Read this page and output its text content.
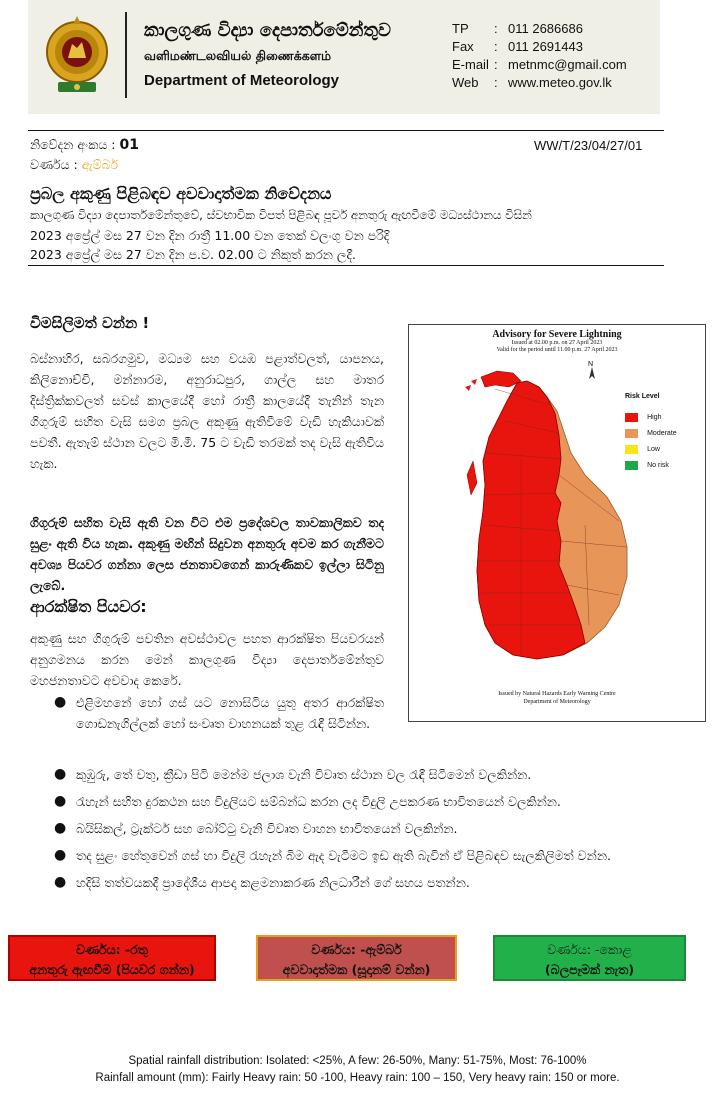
කාලගුණ විද්‍යා දෙපාර්තමේන්තුව
வளிமண்டலவியல் திணைக்களம்
Department of Meteorology
TP : 011 2686686
Fax : 011 2691443
E-mail : metnmc@gmail.com
Web : www.meteo.gov.lk
නිවේදන අංකය : 01	WW/T/23/04/27/01
වර්ණය : ඇම්බර්
ප්‍රබල අකුණු පිළිබඳව අවවාදාත්මක නිවේදනය
කාලගුණ විද්‍යා දෙපාර්තමේන්තුවේ, ස්වභාවික විපත් පිළිබඳ පූර්ව අනතුරු ඇඟවීමේ මධ්‍යස්ථානය විසින්
2023 අප්‍රේල් මස 27 වන දින රාත්‍රී 11.00 වන තෙක් වලංගු වන පරිදි
2023 අප්‍රේල් මස 27 වන දින ප.ව. 02.00 ට නිකුත් කරන ලදී.
විමසිලිමත් වන්න !
බස්නාහිර, සබරගමුව, මධ්‍යම සහ වයඹ පළාත්වලත්, යාපනය, කිලිනොච්චි, මන්නාරම, අනුරාධපුර, ගාල්ල සහ මාතර දිස්ත්‍රික්කවලත් සවස් කාලයේදී හෝ රාත්‍රී කාලයේදී තැනින් තැන ගිගුරුම් සහිත වැසි සමග ප්‍රබල අකුණු ඇතිවීමේ වැඩි හැකියාවක් පවතී. ඇතැම් ස්ථාන වලට මි.මී. 75 ට වැඩි තරමක් තද වැසි ඇතිවිය හැක.
ගිගුරුම් සහිත වැසි ඇති වන විට එම ප්‍රදේශවල තාවකාලිකව තද සුළං ඇති විය හැක. අකුණු මඟින් සිදුවන අනතුරු අවම කර ගැනීමට අවශ්‍ය පියවර ගන්නා ලෙස ජනතාවගෙන් කාරුණිකව ඉල්ලා සිටිනු ලැබේ.
ආරක්ෂිත පියවර:
අකුණු සහ ගිගුරුම් පවතින අවස්ථාවල පහත ආරක්ෂිත පියවරයන් අනුගමනය කරන මෙන් කාලගුණ විද්‍යා දෙපාර්තමේන්තුව මහජනතාවට අවවාද කෙරේ.
Advisory for Severe Lightning
Issued at 02.00 p.m. on 27 April 2023
Valid for the period until 11.00 p.m. 27 April 2023
N
Risk Level
High
Moderate
Low
No risk
Issued by Natural Hazards Early Warning Centre
Department of Meteorology
● එළිමහනේ හෝ ගස් යට නොසිටිය යුතු අතර ආරක්ෂිත ගොඩනැගිල්ලක් හෝ සංවෘත වාහනයක් තුළ රැඳී සිටින්න.
● කුඹුරු, තේ වතු, ක්‍රීඩා පිටි මෙන්ම ජලාශ වැනි විවෘත ස්ථාන වල රැඳී සිටීමෙන් වලකින්න.
● රැහැන් සහිත දුරකථන සහ විදුලියට සම්බන්ධ කරන ලද විදුලි උපකරණ භාවිතයෙන් වලකින්න.
● බයිසිකල්, ට්‍රැක්ටර් සහ බෝට්ටු වැනි විවෘත වාහන භාවිතයෙන් වලකින්න.
● තද සුළං හේතුවෙන් ගස් හා විදුලි රැහැන් බිම ඇද වැටීමට ඉඩ ඇති බැවින් ඒ පිළිබඳව සැලකිලිමත් වන්න.
● හදිසි තත්වයකදී ප්‍රාදේශීය ආපදා කළමනාකරණ නිලධාරීන් ගේ සහය පතන්න.
වර්ණය: -රතු
අනතුරු ඇඟවීම (පියවර ගන්න)
වර්ණය: -ඇම්බර්
අවවාදාත්මක (සූදානම් වන්න)
වර්ණය: -කොළ
(බලපෑමක් නැත)
Spatial rainfall distribution: Isolated: <25%, A few: 26-50%, Many: 51-75%, Most: 76-100%
Rainfall amount (mm): Fairly Heavy rain: 50 -100, Heavy rain: 100 – 150, Very heavy rain: 150 or more.
